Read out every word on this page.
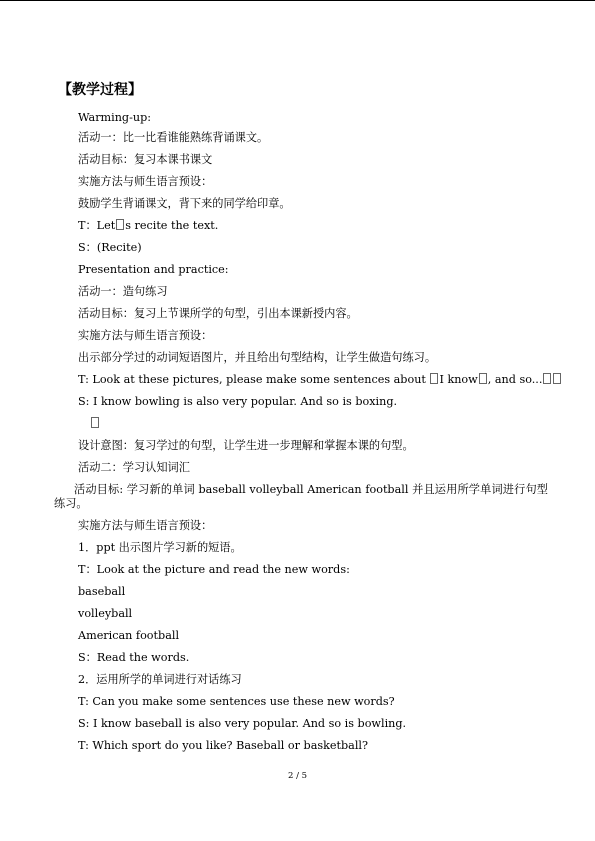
【教学过程】
Warming-up:
活动一：比一比看谁能熟练背诵课文。
活动目标：复习本课书课文
实施方法与师生语言预设：
鼓励学生背诵课文，背下来的同学给印章。
T：Let s recite the text.
S：(Recite)
Presentation and practice:
活动一：造句练习
活动目标：复习上节课所学的句型，引出本课新授内容。
实施方法与师生语言预设：
出示部分学过的动词短语图片，并且给出句型结构，让学生做造句练习。
T: Look at these pictures, please make some sentences about I know , and so...
S: I know bowling is also very popular. And so is boxing.
设计意图：复习学过的句型，让学生进一步理解和掌握本课的句型。
活动二：学习认知词汇
活动目标: 学习新的单词 baseball volleyball American football 并且运用所学单词进行句型练习。
实施方法与师生语言预设：
1．ppt 出示图片学习新的短语。
T：Look at the picture and read the new words:
baseball
volleyball
American football
S：Read the words.
2．运用所学的单词进行对话练习
T: Can you make some sentences use these new words?
S: I know baseball is also very popular. And so is bowling.
T: Which sport do you like? Baseball or basketball?
2 / 5
